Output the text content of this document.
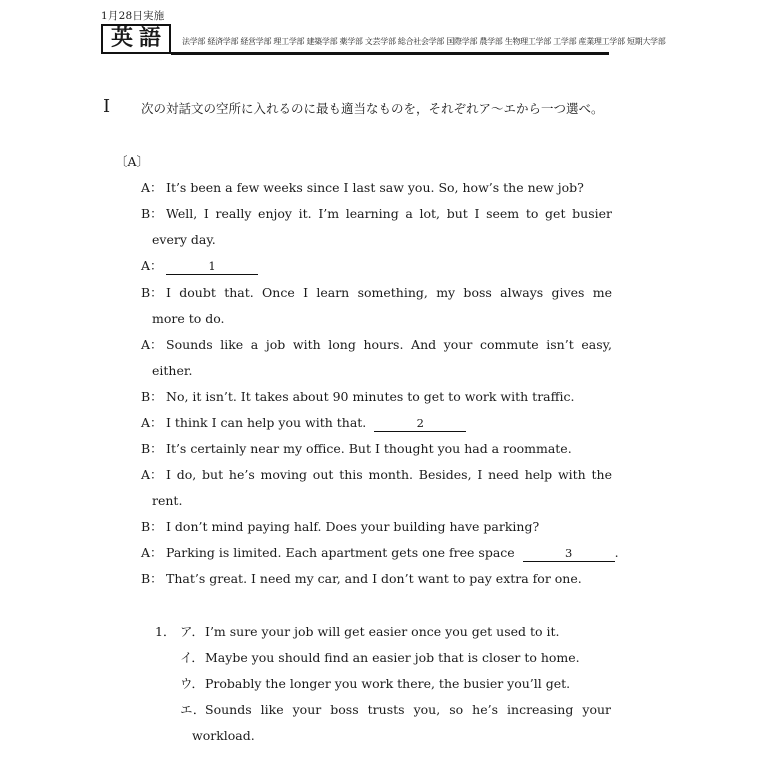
1月28日実施
英語	法学部 経済学部 経営学部 理工学部 建築学部 薬学部 文芸学部 総合社会学部 国際学部 農学部 生物理工学部 工学部 産業理工学部 短期大学部
Ⅰ 次の対話文の空所に入れるのに最も適当なものを，それぞれア～エから一つ選べ。
〔A〕
A： It’s been a few weeks since I last saw you. So, how’s the new job?
B： Well, I really enjoy it. I’m learning a lot, but I seem to get busier
every day.
A：	1
B： I doubt that. Once I learn something, my boss always gives me
more to do.
A： Sounds like a job with long hours. And your commute isn’t easy,
either.
B： No, it isn’t. It takes about 90 minutes to get to work with traffic.
A： I think I can help you with that.	2
B： It’s certainly near my office. But I thought you had a roommate.
A： I do, but he’s moving out this month. Besides, I need help with the
rent.
B： I don’t mind paying half. Does your building have parking?
A： Parking is limited. Each apartment gets one free space	3	.
B： That’s great. I need my car, and I don’t want to pay extra for one.
1． ア． I’m sure your job will get easier once you get used to it.
イ． Maybe you should find an easier job that is closer to home.
ウ． Probably the longer you work there, the busier you’ll get.
エ． Sounds like your boss trusts you, so he’s increasing your
workload.
